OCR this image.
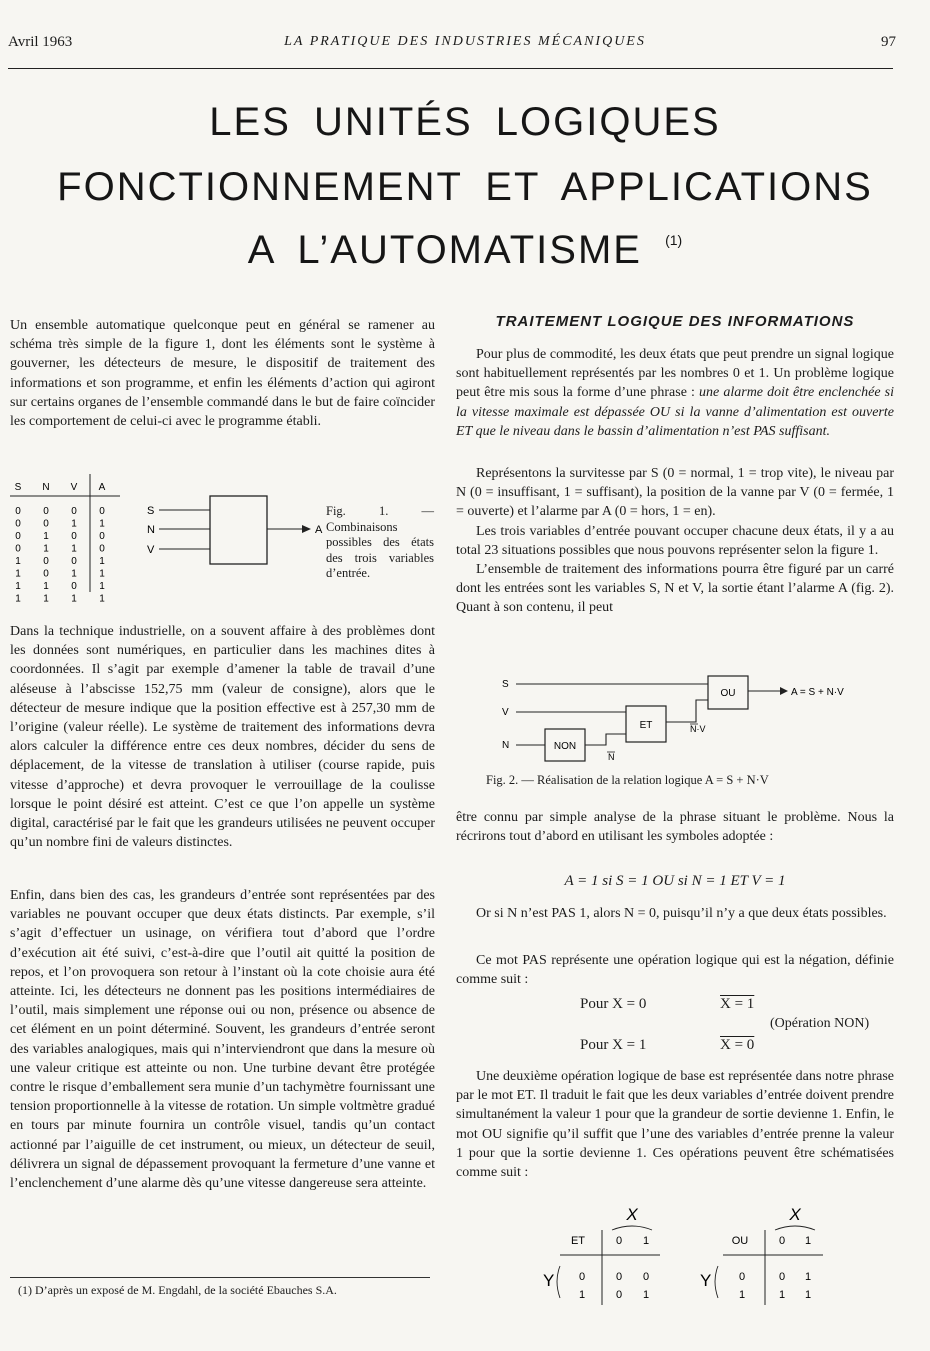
Avril 1963	LA PRATIQUE DES INDUSTRIES MÉCANIQUES	97
LES UNITÉS LOGIQUES
FONCTIONNEMENT ET APPLICATIONS
A L’AUTOMATISME $^{(1)}$

Un ensemble automatique quelconque peut en général se ramener au schéma très simple de la figure 1, dont les éléments sont le système à gouverner, les détecteurs de mesure, le dispositif de traitement des informations et son programme, et enfin les éléments d’action qui agiront sur certains organes de l’ensemble commandé dans le but de faire coïncider les comportement de celui-ci avec le programme établi.

S N V A
0 0 0 0
0 0 1 1
0 1 0 0
0 1 1 0
1 0 0 1
1 0 1 1
1 1 0 1
1 1 1 1
S
N
V
A
Fig. 1. — Combinaisons possibles des états des trois variables d’entrée.

Dans la technique industrielle, on a souvent affaire à des problèmes dont les données sont numériques, en particulier dans les machines dites à coordonnées. Il s’agit par exemple d’amener la table de travail d’une aléseuse à l’abscisse 152,75 mm (valeur de consigne), alors que le détecteur de mesure indique que la position effective est à 257,30 mm de l’origine (valeur réelle). Le système de traitement des informations devra alors calculer la différence entre ces deux nombres, décider du sens de déplacement, de la vitesse de translation à utiliser (course rapide, puis vitesse d’approche) et devra provoquer le verrouillage de la coulisse lorsque le point désiré est atteint. C’est ce que l’on appelle un système digital, caractérisé par le fait que les grandeurs utilisées ne peuvent occuper qu’un nombre fini de valeurs distinctes.

Enfin, dans bien des cas, les grandeurs d’entrée sont représentées par des variables ne pouvant occuper que deux états distincts. Par exemple, s’il s’agit d’effectuer un usinage, on vérifiera tout d’abord que l’ordre d’exécution ait été suivi, c’est-à-dire que l’outil ait quitté la position de repos, et l’on provoquera son retour à l’instant où la cote choisie aura été atteinte. Ici, les détecteurs ne donnent pas les positions intermédiaires de l’outil, mais simplement une réponse oui ou non, présence ou absence de cet élément en un point déterminé. Souvent, les grandeurs d’entrée seront des variables analogiques, mais qui n’interviendront que dans la mesure où une valeur critique est atteinte ou non. Une turbine devant être protégée contre le risque d’emballement sera munie d’un tachymètre fournissant une tension proportionnelle à la vitesse de rotation. Un simple voltmètre gradué en tours par minute fournira un contrôle visuel, tandis qu’un contact actionné par l’aiguille de cet instrument, ou mieux, un détecteur de seuil, délivrera un signal de dépassement provoquant la fermeture d’une vanne et l’enclenchement d’une alarme dès qu’une vitesse dangereuse sera atteinte.

(1) D’après un exposé de M. Engdahl, de la société Ebauches S.A.
TRAITEMENT LOGIQUE DES INFORMATIONS

Pour plus de commodité, les deux états que peut prendre un signal logique sont habituellement représentés par les nombres 0 et 1. Un problème logique peut être mis sous la forme d’une phrase : une alarme doit être enclenchée si la vitesse maximale est dépassée OU si la vanne d’alimentation est ouverte ET que le niveau dans le bassin d’alimentation n’est PAS suffisant.

Représentons la survitesse par S (0 = normal, 1 = trop vite), le niveau par N (0 = insuffisant, 1 = suffisant), la position de la vanne par V (0 = fermée, 1 = ouverte) et l’alarme par A (0 = hors, 1 = en).

Les trois variables d’entrée pouvant occuper chacune deux états, il y a au total 23 situations possibles que nous pouvons représenter selon la figure 1.

L’ensemble de traitement des informations pourra être figuré par un carré dont les entrées sont les variables S, N et V, la sortie étant l’alarme A (fig. 2). Quant à son contenu, il peut

S
OU	A = S + N·V
V
ET	N·V
N	NON
N
Fig. 2. — Réalisation de la relation logique A = S + N·V

être connu par simple analyse de la phrase situant le problème. Nous la récrirons tout d’abord en utilisant les symboles adoptée :

A = 1 si S = 1 OU si N = 1 ET V = 1

Or si N n’est PAS 1, alors N = 0, puisqu’il n’y a que deux états possibles.

Ce mot PAS représente une opération logique qui est la négation, définie comme suit :

Pour X = 0	X = 1
(Opération NON)
Pour X = 1	X = 0

Une deuxième opération logique de base est représentée dans notre phrase par le mot ET. Il traduit le fait que les deux variables d’entrée doivent prendre simultanément la valeur 1 pour que la grandeur de sortie devienne 1. Enfin, le mot OU signifie qu’il suffit que l’une des variables d’entrée prenne la valeur 1 pour que la sortie devienne 1. Ces opérations peuvent être schématisées comme suit :

X
ET	0 1
Y 0	0 0
1	0 1
X
OU	0 1
Y	0	0 1
1	1 1
